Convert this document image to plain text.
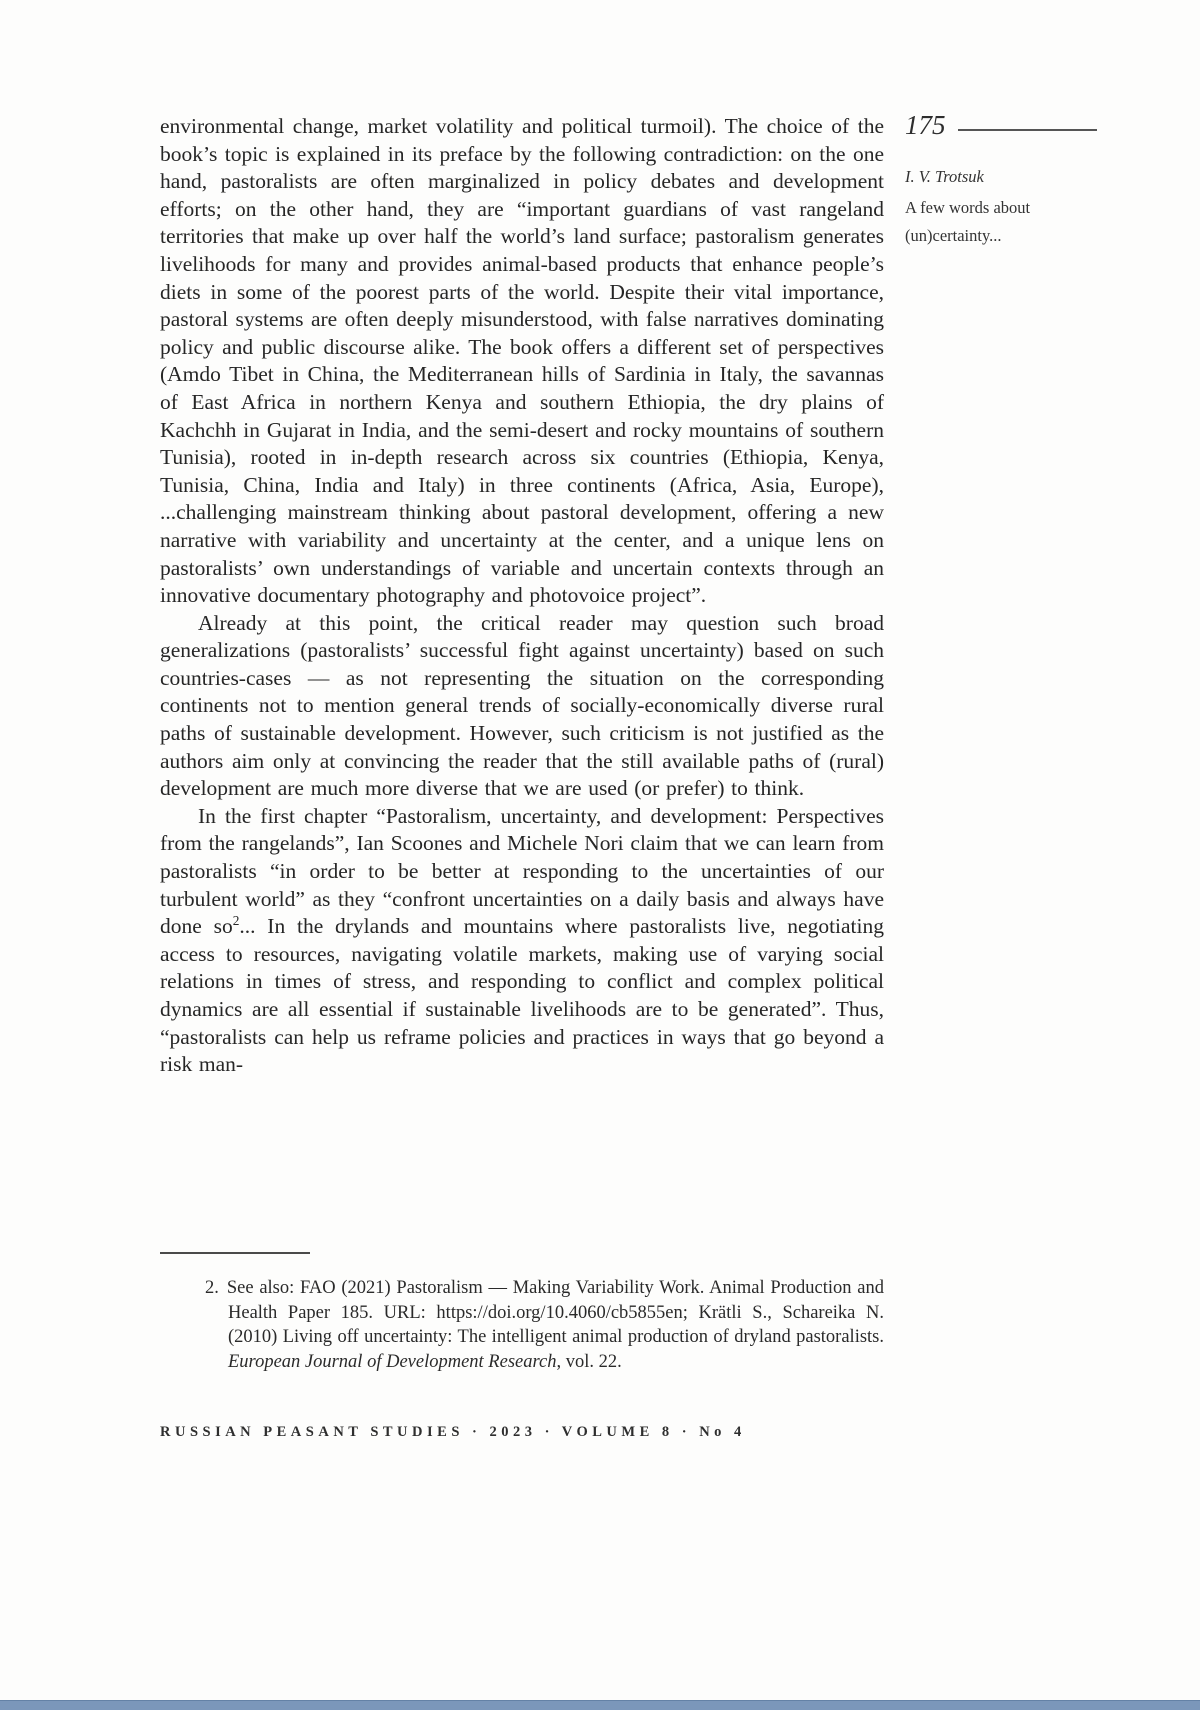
environmental change, market volatility and political turmoil). The choice of the book’s topic is explained in its preface by the following contradiction: on the one hand, pastoralists are often marginalized in policy debates and development efforts; on the other hand, they are “important guardians of vast rangeland territories that make up over half the world’s land surface; pastoralism generates livelihoods for many and provides animal-based products that enhance people’s diets in some of the poorest parts of the world. Despite their vital importance, pastoral systems are often deeply misunderstood, with false narratives dominating policy and public discourse alike. The book offers a different set of perspectives (Amdo Tibet in China, the Mediterranean hills of Sardinia in Italy, the savannas of East Africa in northern Kenya and southern Ethiopia, the dry plains of Kachchh in Gujarat in India, and the semi-desert and rocky mountains of southern Tunisia), rooted in in-depth research across six countries (Ethiopia, Kenya, Tunisia, China, India and Italy) in three continents (Africa, Asia, Europe), ...challenging mainstream thinking about pastoral development, offering a new narrative with variability and uncertainty at the center, and a unique lens on pastoralists’ own understandings of variable and uncertain contexts through an innovative documentary photography and photovoice project”.

Already at this point, the critical reader may question such broad generalizations (pastoralists’ successful fight against uncertainty) based on such countries-cases — as not representing the situation on the corresponding continents not to mention general trends of socially-economically diverse rural paths of sustainable development. However, such criticism is not justified as the authors aim only at convincing the reader that the still available paths of (rural) development are much more diverse that we are used (or prefer) to think.

In the first chapter “Pastoralism, uncertainty, and development: Perspectives from the rangelands”, Ian Scoones and Michele Nori claim that we can learn from pastoralists “in order to be better at responding to the uncertainties of our turbulent world” as they “confront uncertainties on a daily basis and always have done $so^2$... In the drylands and mountains where pastoralists live, negotiating access to resources, navigating volatile markets, making use of varying social relations in times of stress, and responding to conflict and complex political dynamics are all essential if sustainable livelihoods are to be generated”. Thus, “pastoralists can help us reframe policies and practices in ways that go beyond a risk man-

2. See also: FAO (2021) Pastoralism — Making Variability Work. Animal Production and Health Paper 185. URL: https://doi.org/10.4060/cb5855en; Krätli S., Schareika N. (2010) Living off uncertainty: The intelligent animal production of dryland pastoralists. European Journal of Development Research, vol. 22.
RUSSIAN PEASANT STUDIES · 2023 · VOLUME 8 · No 4
175
I. V. Trotsuk
A few words about
(un)certainty...
